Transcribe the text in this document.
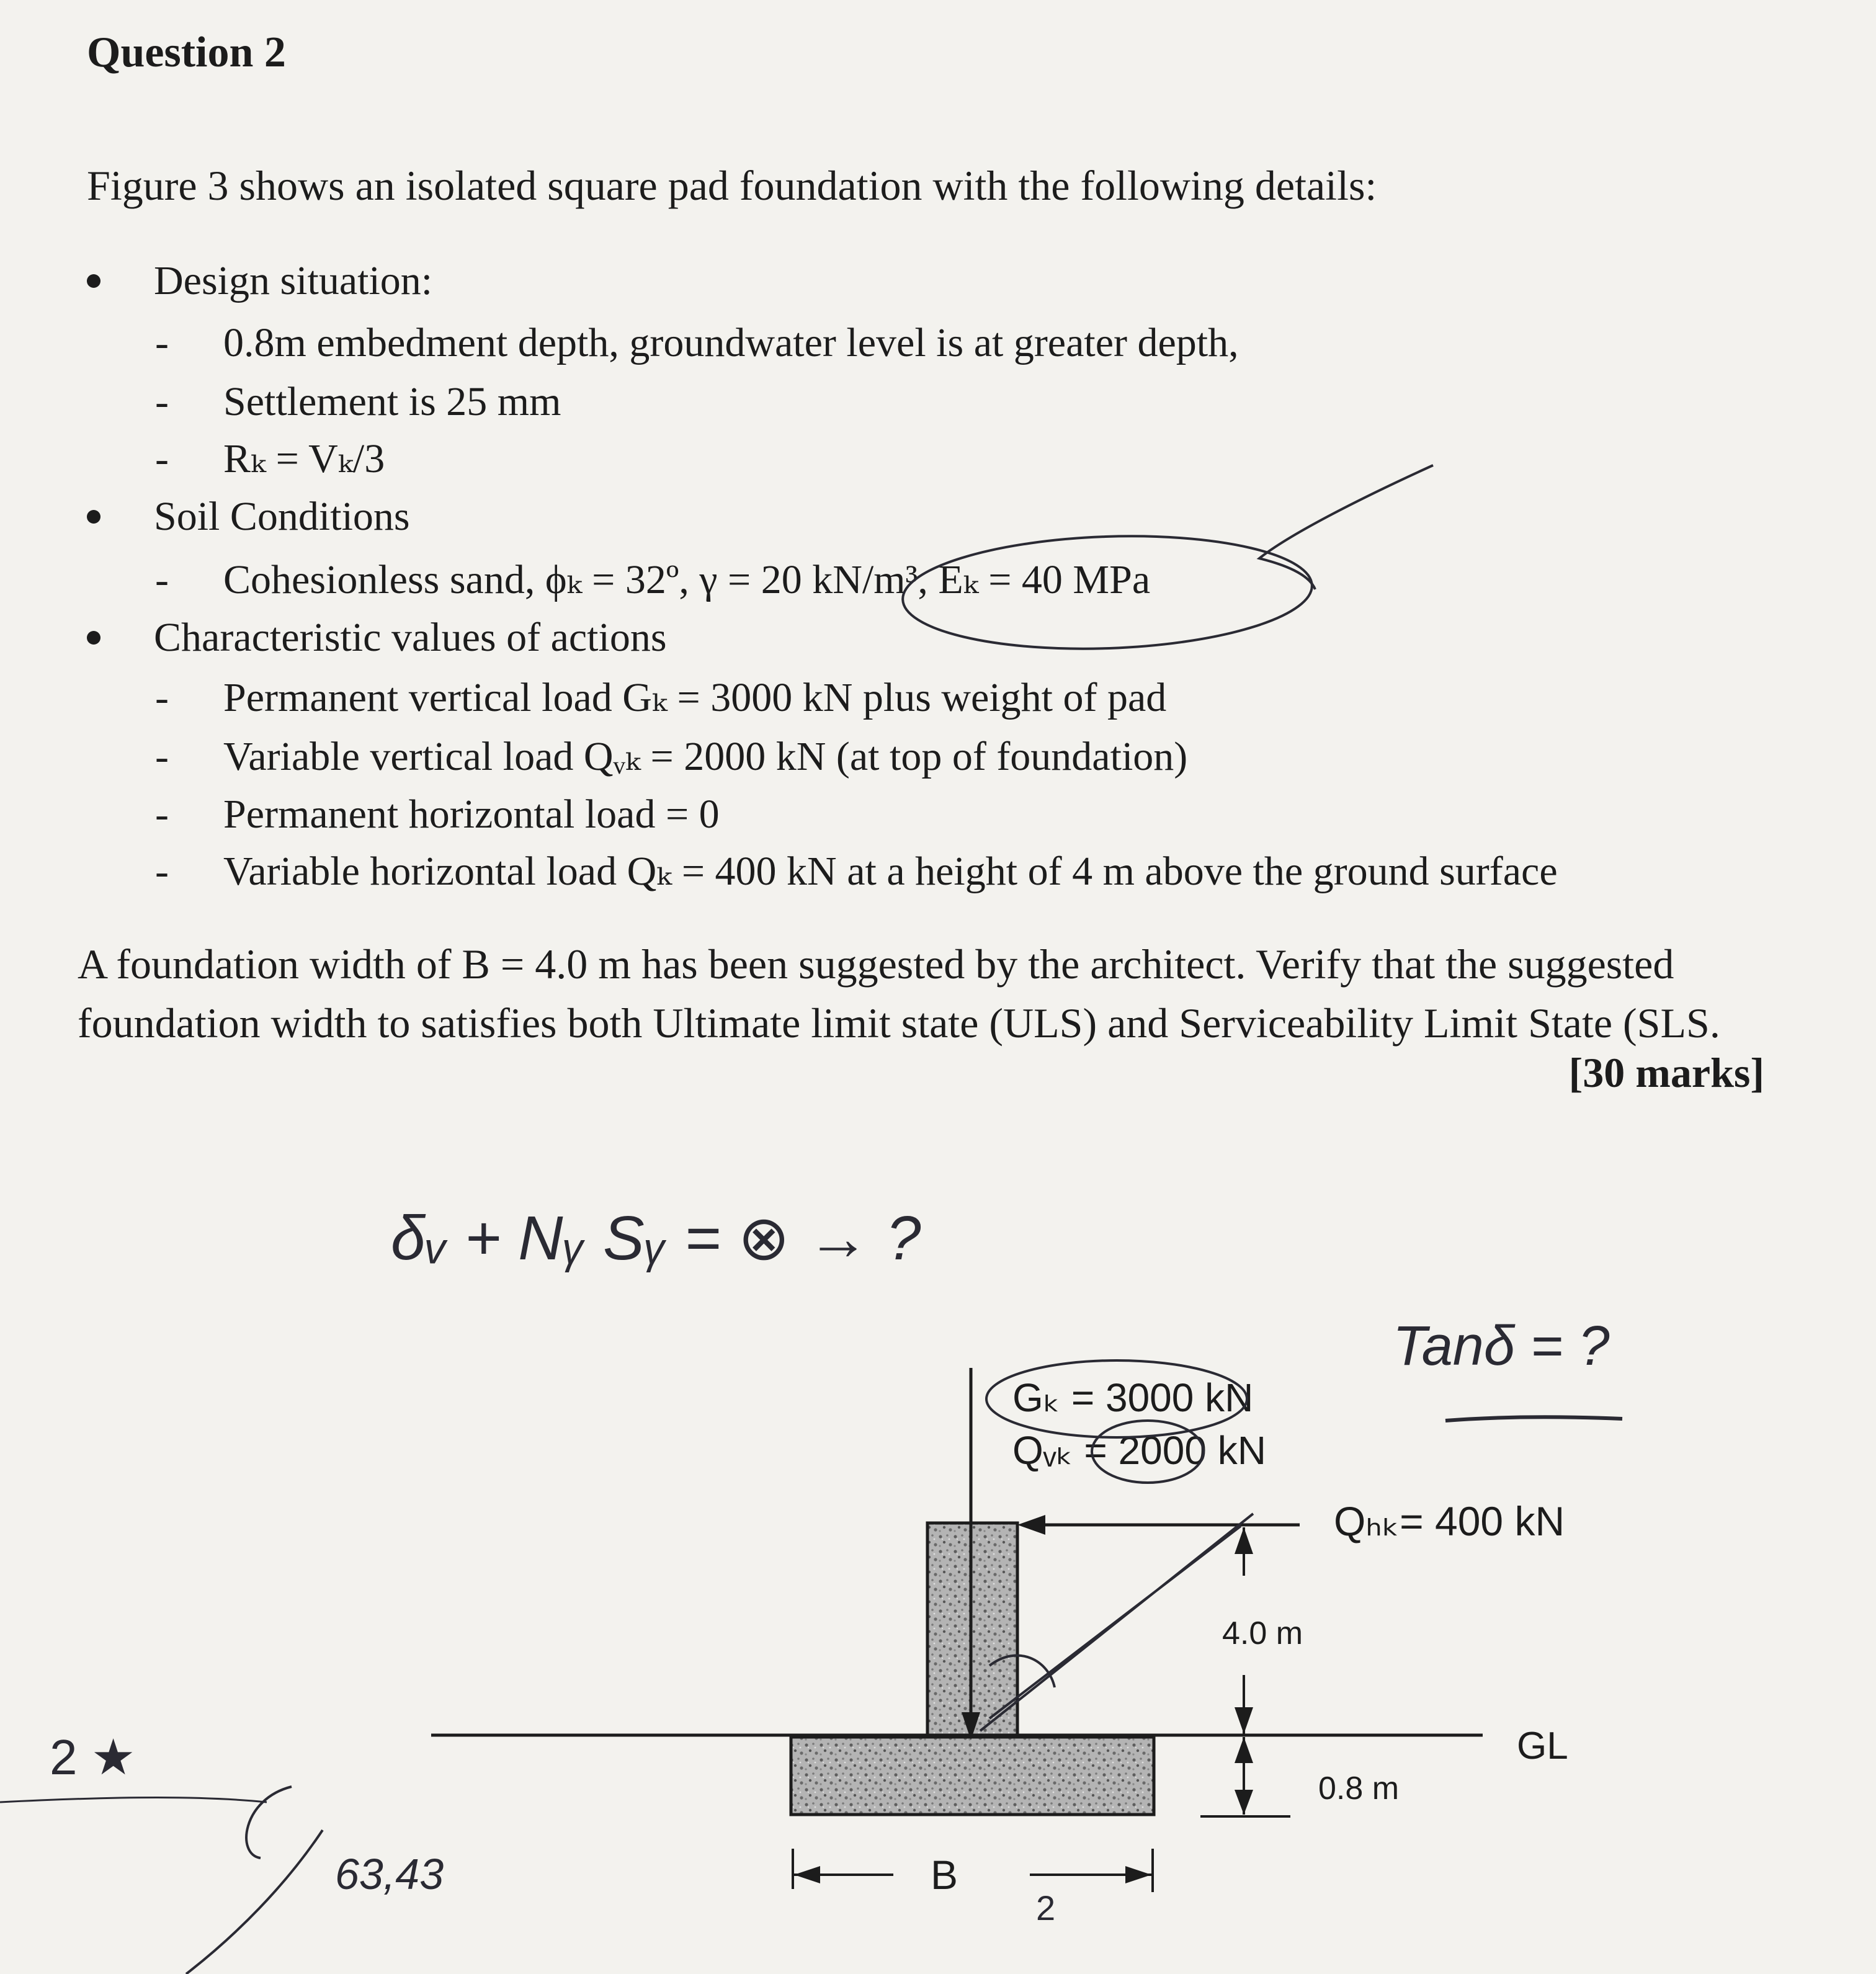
Question 2
Figure 3 shows an isolated square pad foundation with the following details:
Design situation:
- 0.8m embedment depth, groundwater level is at greater depth,
- Settlement is 25 mm
- Rₖ = Vₖ/3
Soil Conditions
- Cohesionless sand, ϕₖ = 32º, γ = 20 kN/m³, Eₖ = 40 MPa
Characteristic values of actions
- Permanent vertical load Gₖ = 3000 kN plus weight of pad
- Variable vertical load Qᵥₖ = 2000 kN (at top of foundation)
- Permanent horizontal load = 0
- Variable horizontal load Qₖ = 400 kN at a height of 4 m above the ground surface
A foundation width of B = 4.0 m has been suggested by the architect. Verify that the suggested
foundation width to satisfies both Ultimate limit state (ULS) and Serviceability Limit State (SLS.
[30 marks]
GL
Gₖ = 3000 kN
Qᵥₖ = 2000 kN
Qₕₖ= 400 kN
4.0 m
0.8 m
B
δᵥ + Nᵧ Sᵧ = ⊗ → ?
Tanδ = ?
2 ★
63,43
2
